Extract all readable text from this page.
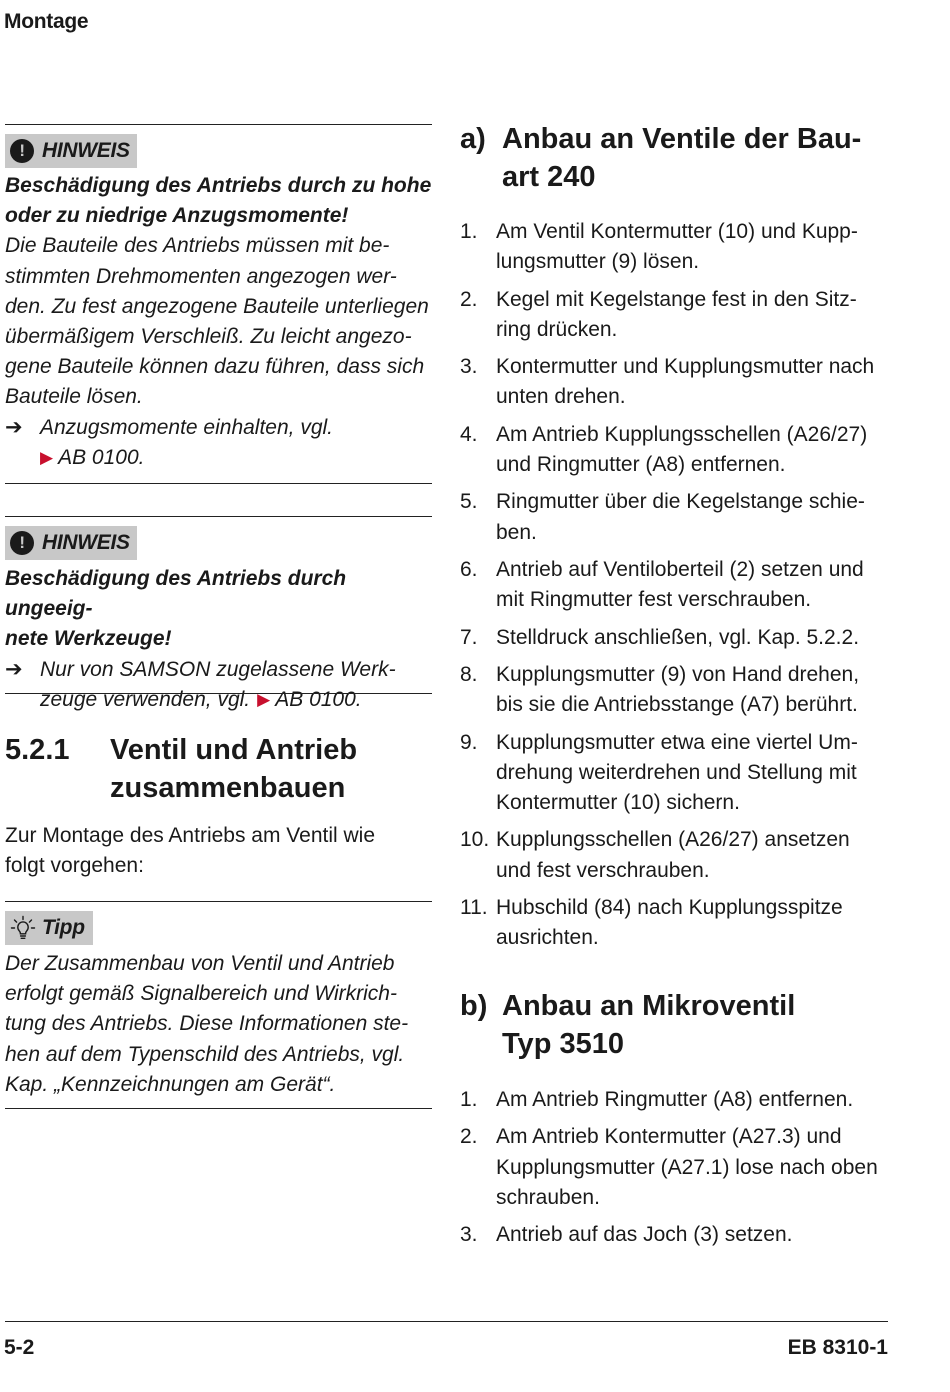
Montage
! HINWEIS

Beschädigung des Antriebs durch zu hohe

oder zu niedrige Anzugsmomente!

Die Bauteile des Antriebs müssen mit be-

stimmten Drehmomenten angezogen wer-

den. Zu fest angezogene Bauteile unterliegen

übermäßigem Verschleiß. Zu leicht angezo-

gene Bauteile können dazu führen, dass sich

Bauteile lösen.

➔ Anzugsmomente einhalten, vgl.
▶ AB 0100.
! HINWEIS

Beschädigung des Antriebs durch ungeeig-

nete Werkzeuge!

➔ Nur von SAMSON zugelassene Werk-
zeuge verwenden, vgl. ▶ AB 0100.
5.2.1 Ventil und Antrieb
zusammenbauen

Zur Montage des Antriebs am Ventil wie

folgt vorgehen:

Tipp

Der Zusammenbau von Ventil und Antrieb

erfolgt gemäß Signalbereich und Wirkrich-

tung des Antriebs. Diese Informationen ste-

hen auf dem Typenschild des Antriebs, vgl.

Kap. „Kennzeichnungen am Gerät“.

a) Anbau an Ventile der Bau-
art 240
1. Am Ventil Kontermutter (10) und Kupp-
lungsmutter (9) lösen.
2. Kegel mit Kegelstange fest in den Sitz-
ring drücken.
3. Kontermutter und Kupplungsmutter nach
unten drehen.
4. Am Antrieb Kupplungsschellen (A26/27)
und Ringmutter (A8) entfernen.
5. Ringmutter über die Kegelstange schie-
ben.
6. Antrieb auf Ventiloberteil (2) setzen und
mit Ringmutter fest verschrauben.
7. Stelldruck anschließen, vgl. Kap. 5.2.2.
8. Kupplungsmutter (9) von Hand drehen,
bis sie die Antriebsstange (A7) berührt.
9. Kupplungsmutter etwa eine viertel Um-
drehung weiterdrehen und Stellung mit
Kontermutter (10) sichern.
10. Kupplungsschellen (A26/27) ansetzen
und fest verschrauben.
11. Hubschild (84) nach Kupplungsspitze
ausrichten.
b) Anbau an Mikroventil
Typ 3510
1. Am Antrieb Ringmutter (A8) entfernen.
2. Am Antrieb Kontermutter (A27.3) und
Kupplungsmutter (A27.1) lose nach oben
schrauben.
3. Antrieb auf das Joch (3) setzen.
5-2	EB 8310-1
